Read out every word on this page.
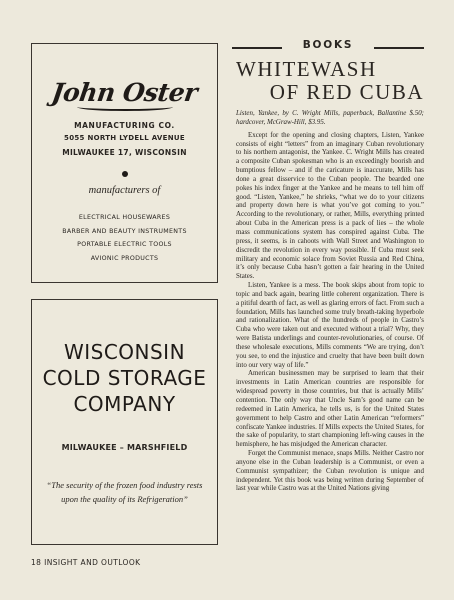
John Oster
MANUFACTURING CO.
5055 NORTH LYDELL AVENUE
MILWAUKEE 17, WISCONSIN
manufacturers of
ELECTRICAL HOUSEWARES
BARBER AND BEAUTY INSTRUMENTS
PORTABLE ELECTRIC TOOLS
AVIONIC PRODUCTS
WISCONSIN
COLD STORAGE
COMPANY
MILWAUKEE – MARSHFIELD
“The security of the frozen food industry rests upon the quality of its Refrigeration”
18 INSIGHT AND OUTLOOK
BOOKS
WHITEWASH
OF RED CUBA
Listen, Yankee, by C. Wright Mills, paperback, Ballantine $.50; hardcover, McGraw-Hill, $3.95.

Except for the opening and closing chapters, Listen, Yankee consists of eight “letters” from an imaginary Cuban revolutionary to his northern antagonist, the Yankee. C. Wright Mills has created a composite Cuban spokesman who is an exceedingly boorish and bumptious fellow – and if the caricature is inaccurate, Mills has done a great disservice to the Cuban people. The bearded one pokes his index finger at the Yankee and he means to tell him off good. “Listen, Yankee,” he shrieks, “what we do to your citizens and property down here is what you’ve got coming to you.” According to the revolutionary, or rather, Mills, everything printed about Cuba in the American press is a pack of lies – the whole mass communications system has conspired against Cuba. The press, it seems, is in cahoots with Wall Street and Washington to discredit the revolution in every way possible. If Cuba must seek military and economic solace from Soviet Russia and Red China, it’s only because Cuba hasn’t gotten a fair hearing in the United States.

Listen, Yankee is a mess. The book skips about from topic to topic and back again, bearing little coherent organization. There is a pitiful dearth of fact, as well as glaring errors of fact. From such a foundation, Mills has launched some truly breath-taking hyperbole and rationalization. What of the hundreds of people in Castro’s Cuba who were taken out and executed without a trial? Why, they were Batista underlings and counter-revolutionaries, of course. Of these wholesale executions, Mills comments “We are trying, don’t you see, to end the injustice and cruelty that have been built down into our very way of life.”

American businessmen may be surprised to learn that their investments in Latin American countries are responsible for widespread poverty in those countries, but that is actually Mills’ contention. The only way that Uncle Sam’s good name can be redeemed in Latin America, he tells us, is for the United States government to help Castro and other Latin American “reformers” confiscate Yankee industries. If Mills expects the United States, for the sake of popularity, to start championing left-wing causes in the hemisphere, he has misjudged the American character.

Forget the Communist menace, snaps Mills. Neither Castro nor anyone else in the Cuban leadership is a Communist, or even a Communist sympathizer; the Cuban revolution is unique and independent. Yet this book was being written during September of last year while Castro was at the United Nations giving
